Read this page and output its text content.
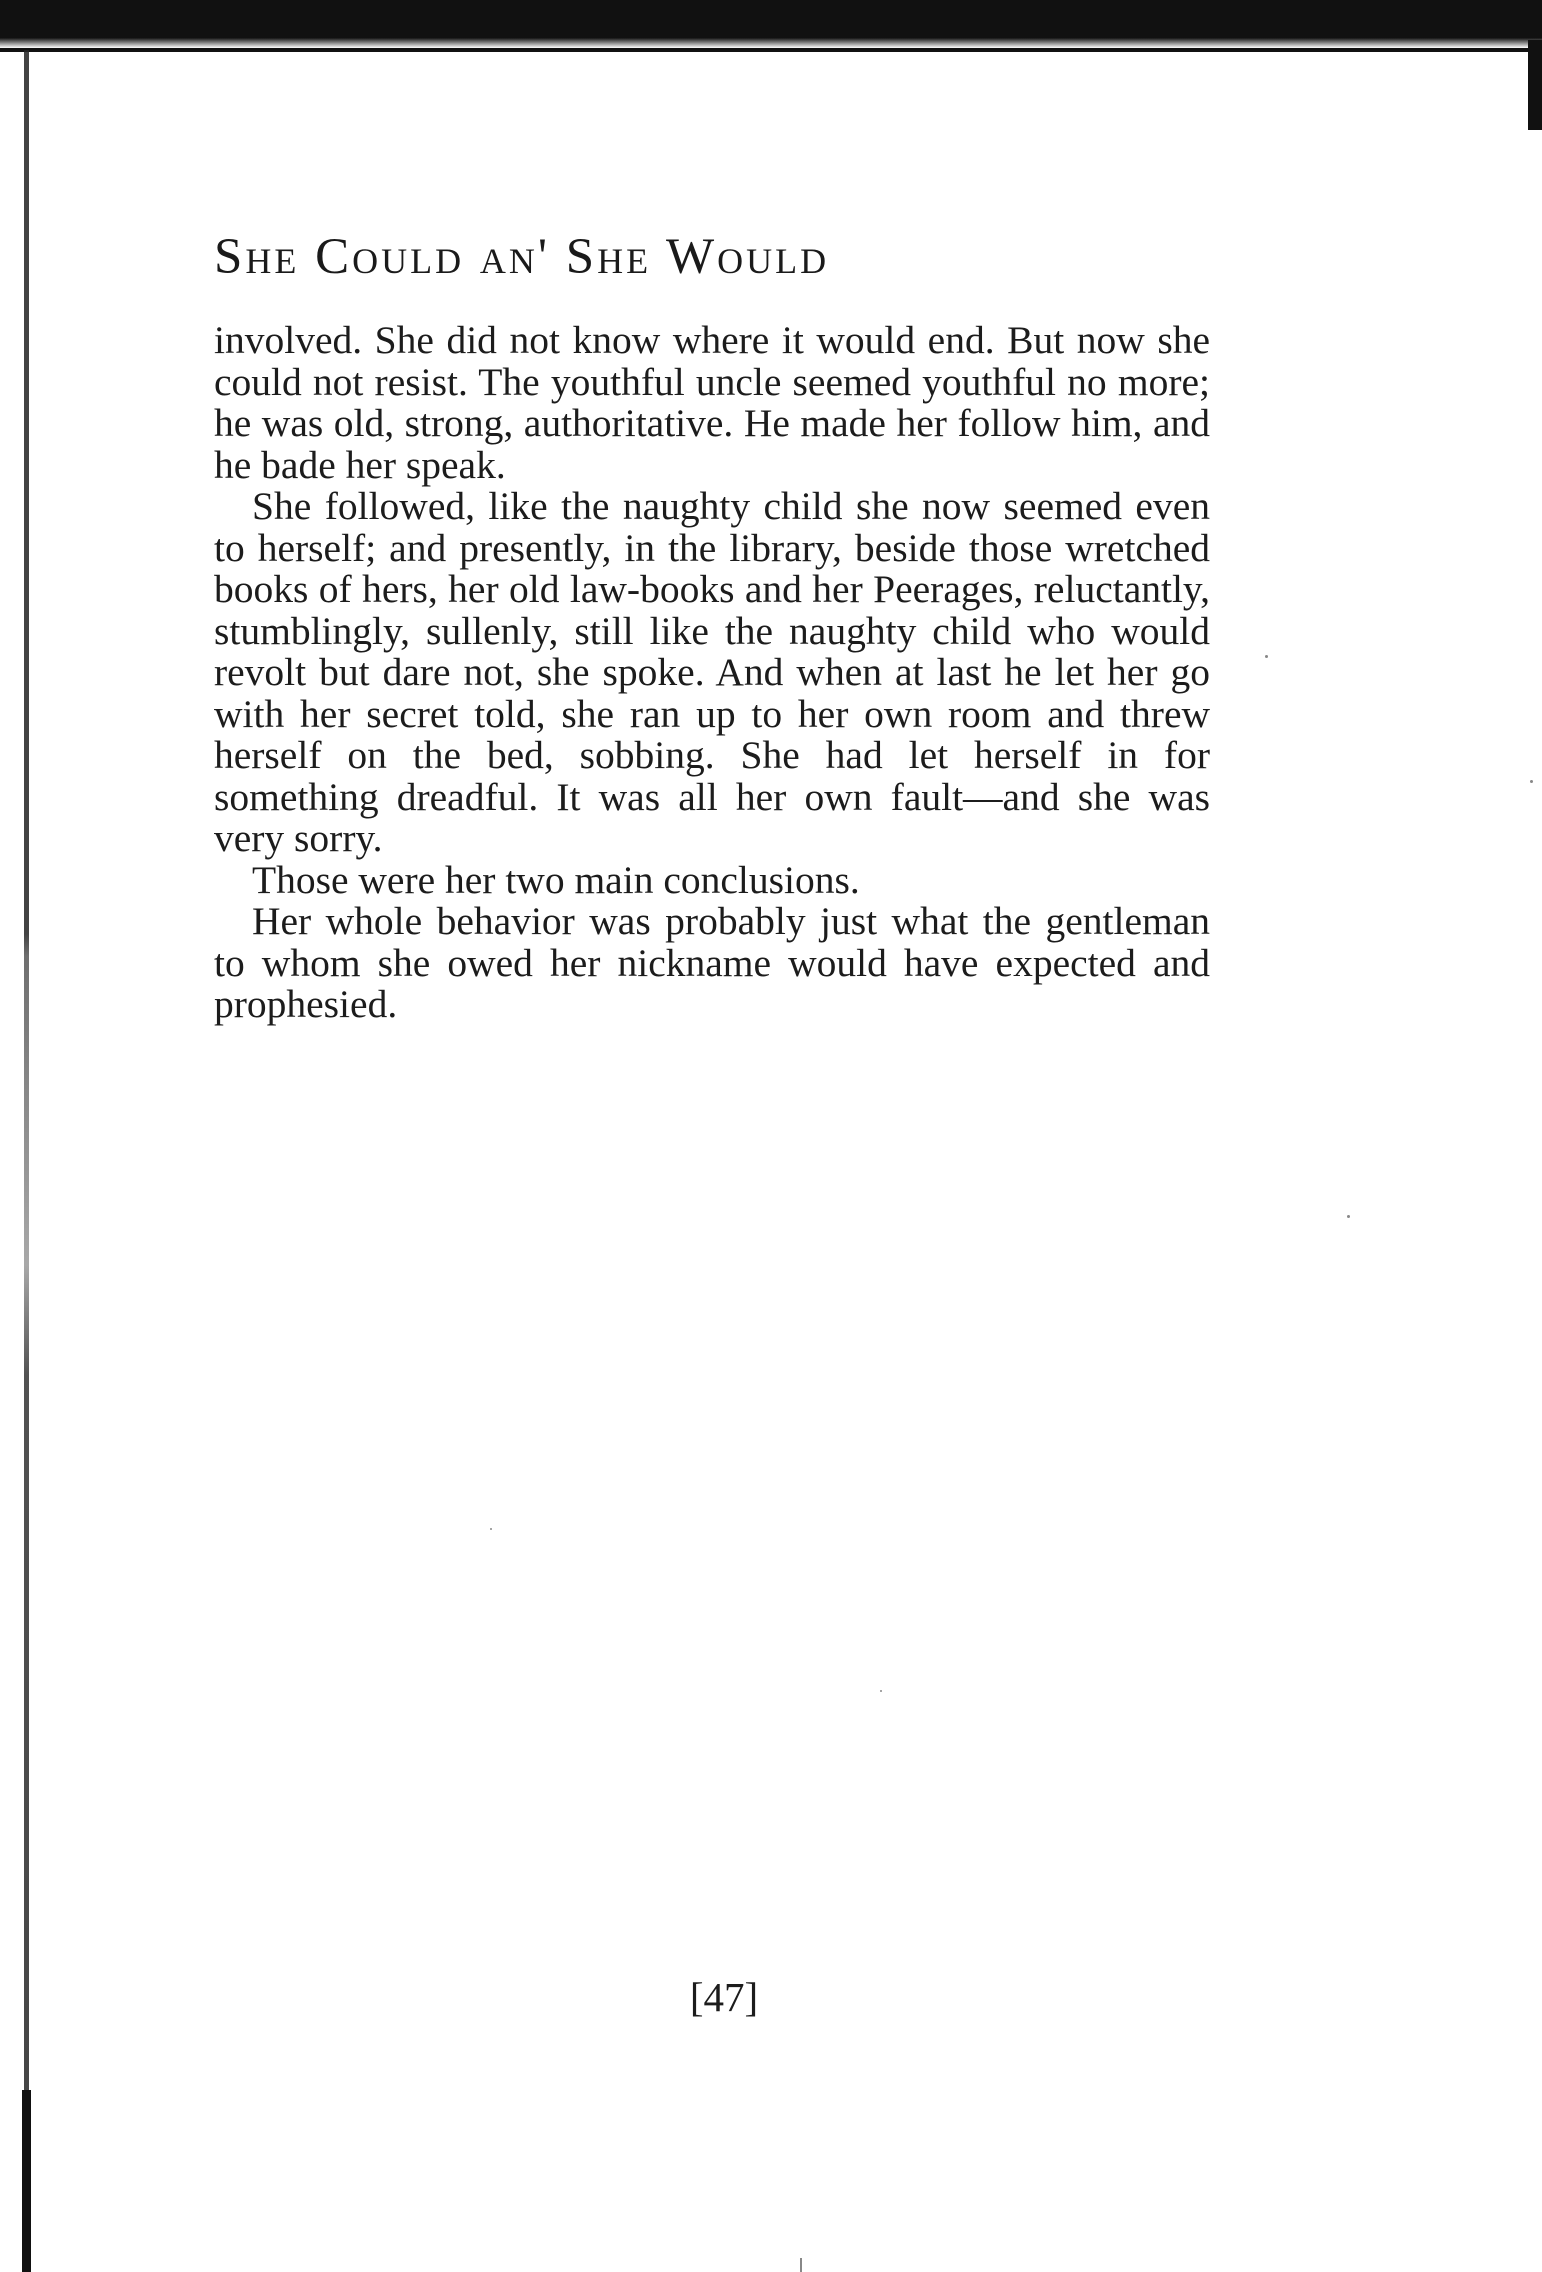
She Could an' She Would

involved. She did not know where it would end. But now she could not resist. The youthful uncle seemed youthful no more; he was old, strong, authoritative. He made her follow him, and he bade her speak.

She followed, like the naughty child she now seemed even to herself; and presently, in the library, beside those wretched books of hers, her old law-books and her Peerages, reluctantly, stumblingly, sullenly, still like the naughty child who would revolt but dare not, she spoke. And when at last he let her go with her secret told, she ran up to her own room and threw herself on the bed, sobbing. She had let herself in for something dreadful. It was all her own fault—and she was very sorry.

Those were her two main conclusions.

Her whole behavior was probably just what the gentleman to whom she owed her nickname would have expected and prophesied.

[47]
